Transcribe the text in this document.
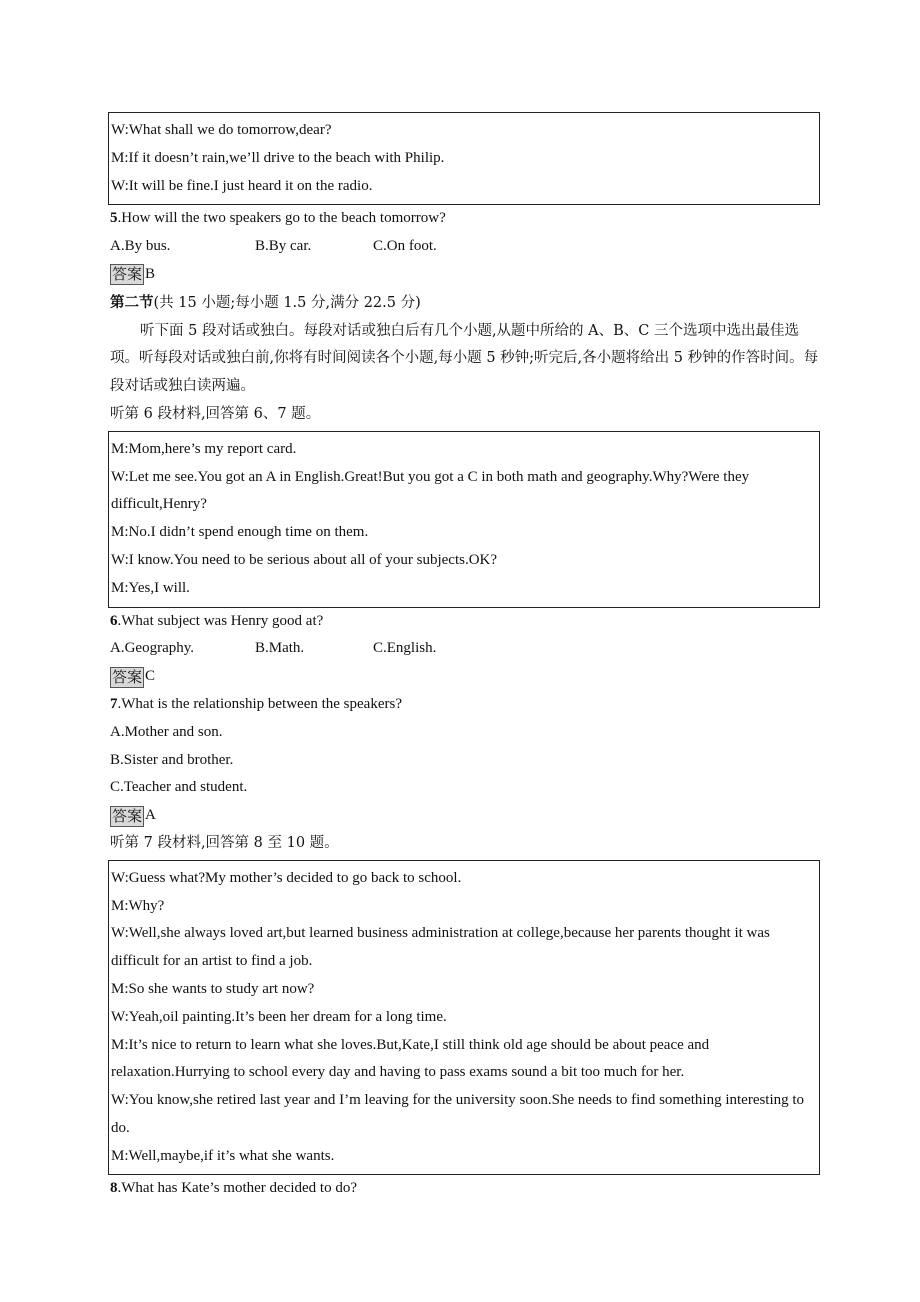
W:What shall we do tomorrow,dear?
M:If it doesn’t rain,we’ll drive to the beach with Philip.
W:It will be fine.I just heard it on the radio.
5.How will the two speakers go to the beach tomorrow?
A.By bus.	B.By car.	C.On foot.
答案 B
第二节(共 15 小题;每小题 1.5 分,满分 22.5 分)
听下面 5 段对话或独白。每段对话或独白后有几个小题,从题中所给的 A、B、C 三个选项中选出最佳选项。听每段对话或独白前,你将有时间阅读各个小题,每小题 5 秒钟;听完后,各小题将给出 5 秒钟的作答时间。每段对话或独白读两遍。
听第 6 段材料,回答第 6、7 题。
M:Mom,here’s my report card.
W:Let me see.You got an A in English.Great!But you got a C in both math and geography.Why?Were they difficult,Henry?
M:No.I didn’t spend enough time on them.
W:I know.You need to be serious about all of your subjects.OK?
M:Yes,I will.
6.What subject was Henry good at?
A.Geography.	B.Math.	C.English.
答案 C
7.What is the relationship between the speakers?
A.Mother and son.
B.Sister and brother.
C.Teacher and student.
答案 A
听第 7 段材料,回答第 8 至 10 题。
W:Guess what?My mother’s decided to go back to school.
M:Why?
W:Well,she always loved art,but learned business administration at college,because her parents thought it was difficult for an artist to find a job.
M:So she wants to study art now?
W:Yeah,oil painting.It’s been her dream for a long time.
M:It’s nice to return to learn what she loves.But,Kate,I still think old age should be about peace and relaxation.Hurrying to school every day and having to pass exams sound a bit too much for her.
W:You know,she retired last year and I’m leaving for the university soon.She needs to find something interesting to do.
M:Well,maybe,if it’s what she wants.
8.What has Kate’s mother decided to do?
